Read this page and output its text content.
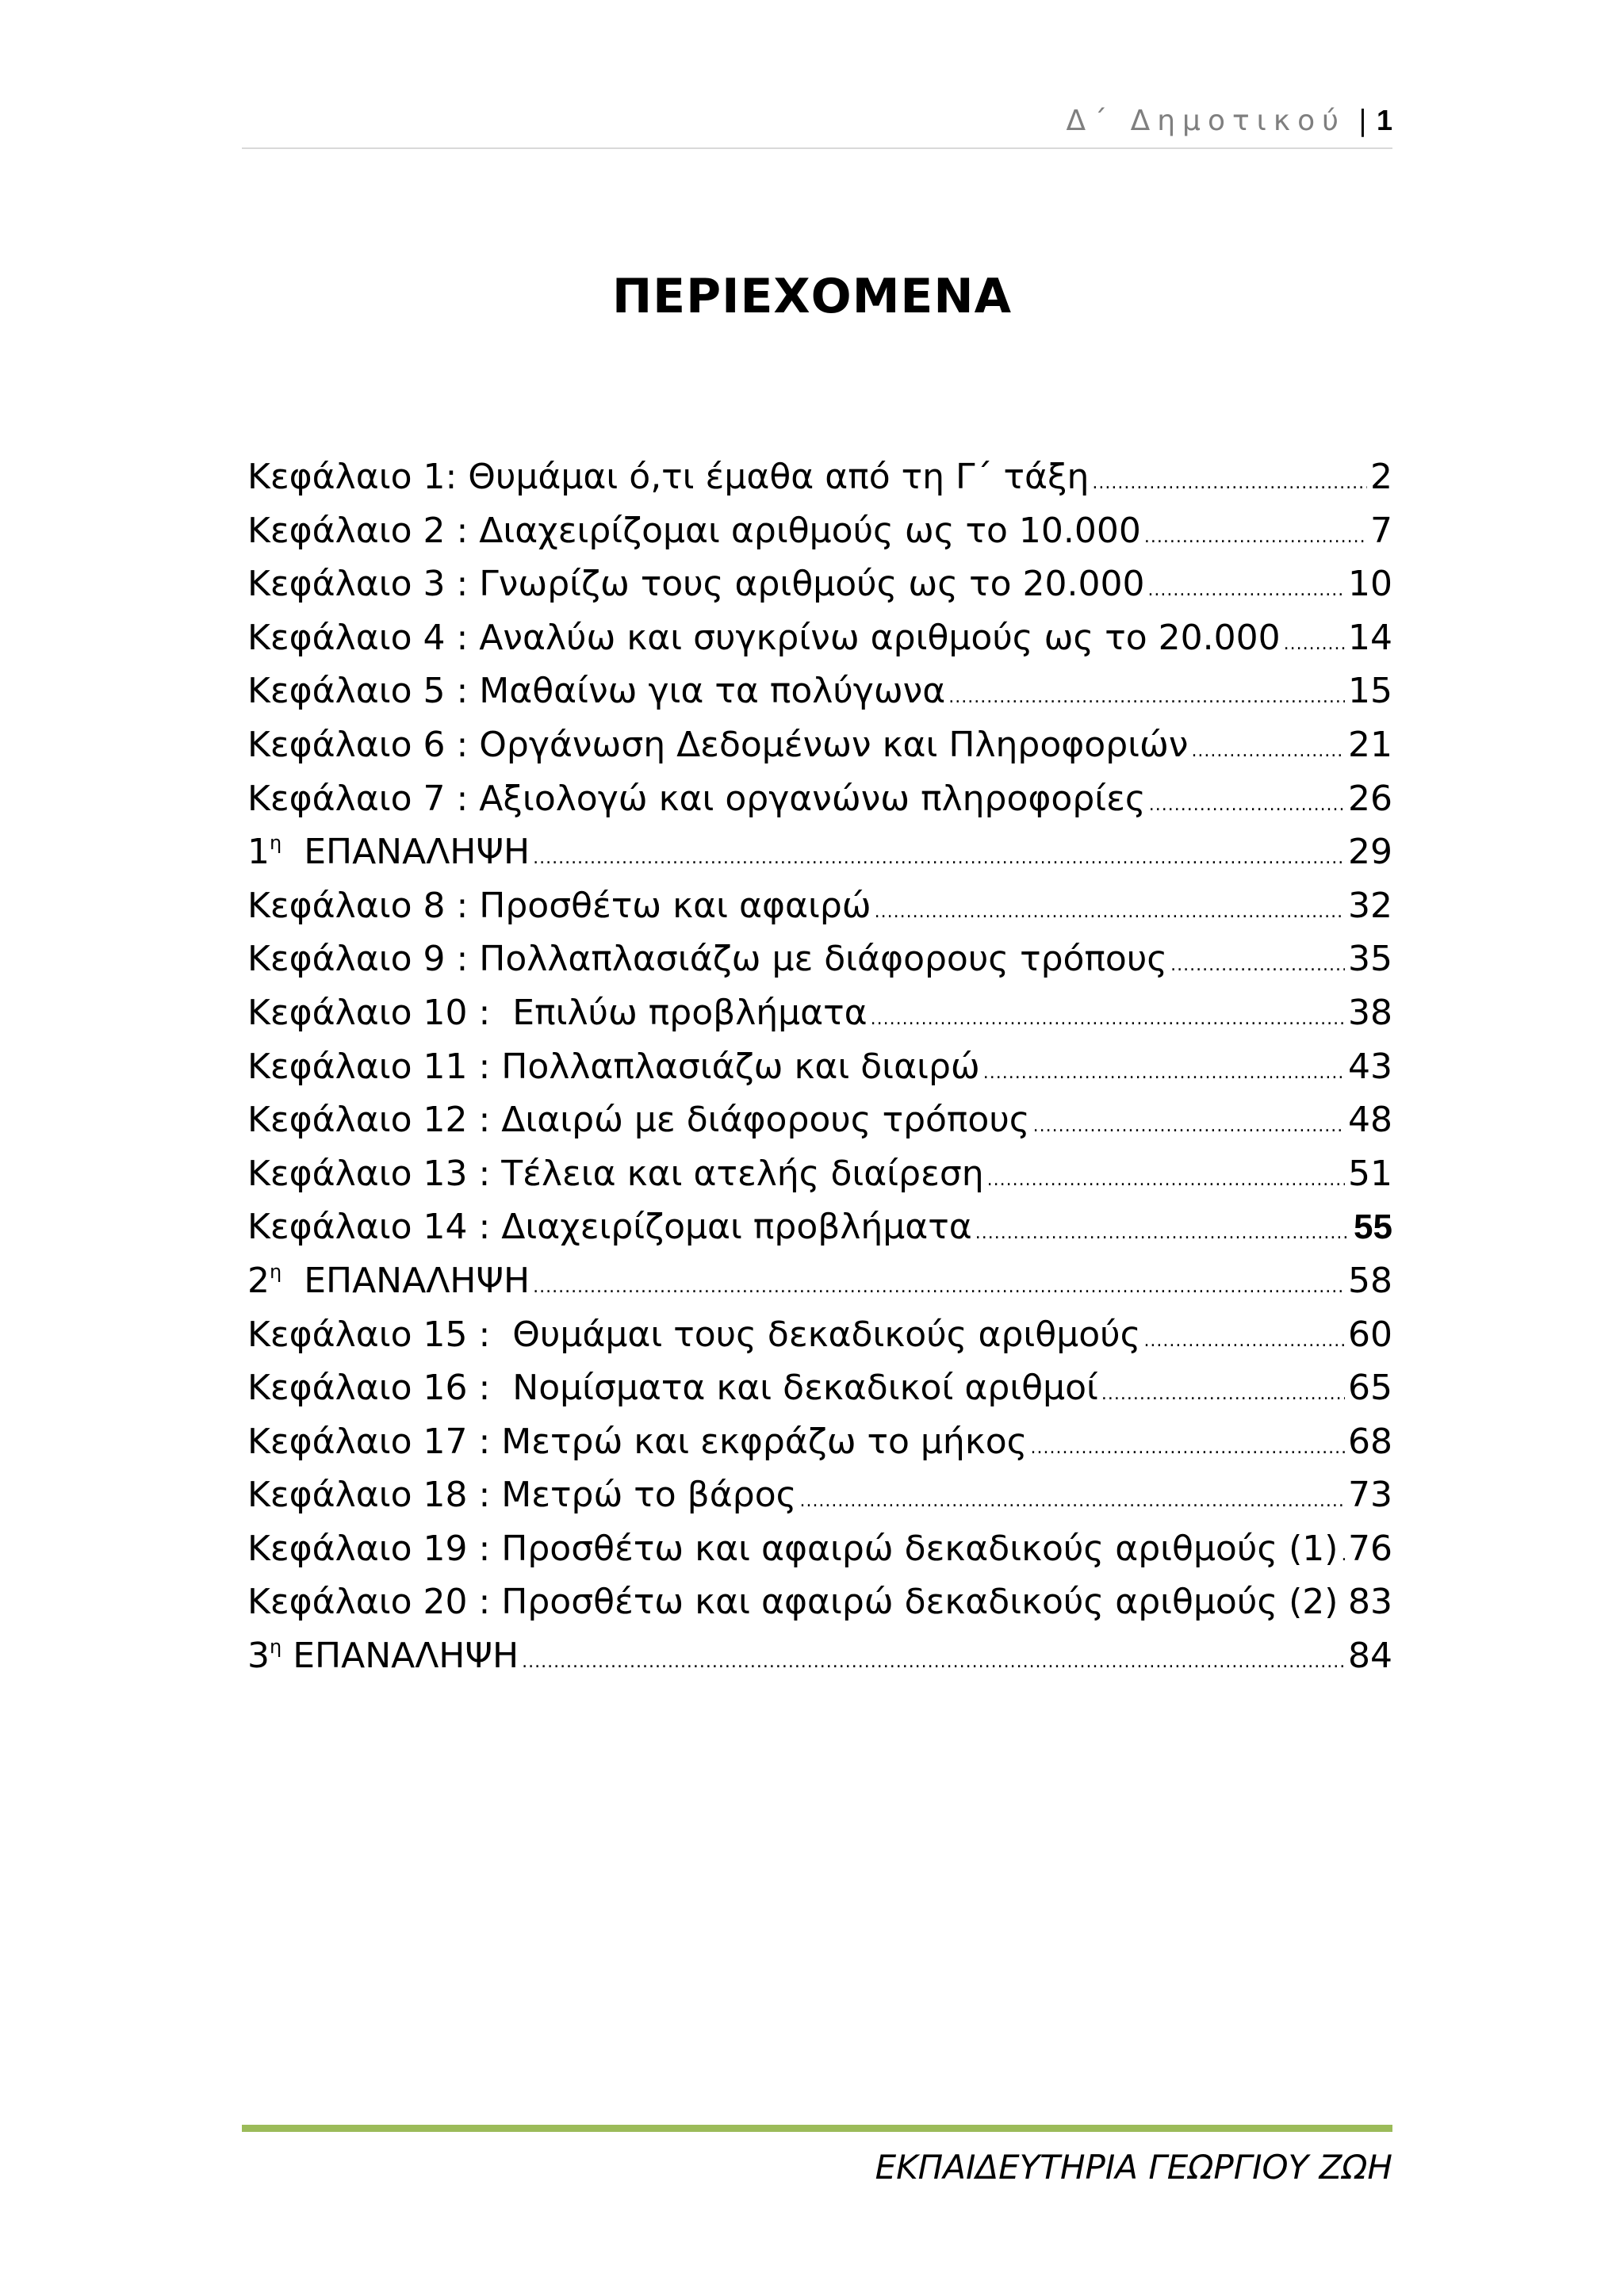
Δ΄ Δημοτικού | 1
ΠΕΡΙΕΧΟΜΕΝΑ
Κεφάλαιο 1: Θυμάμαι ό,τι έμαθα από τη Γ΄ τάξη .....	2
Κεφάλαιο 2 : Διαχειρίζομαι αριθμούς ως το 10.000 .....	7
Κεφάλαιο 3 : Γνωρίζω τους αριθμούς ως το 20.000 .....	10
Κεφάλαιο 4 : Αναλύω και συγκρίνω αριθμούς ως το 20.000 ..... 14
Κεφάλαιο 5 : Μαθαίνω για τα πολύγωνα .....	15
Κεφάλαιο 6 : Οργάνωση Δεδομένων και Πληροφοριών .....	21
Κεφάλαιο 7 : Αξιολογώ και οργανώνω πληροφορίες .....	26
$1^\eta$  ΕΠΑΝΑΛΗΨΗ .....	29
Κεφάλαιο 8 : Προσθέτω και αφαιρώ .....	32
Κεφάλαιο 9 : Πολλαπλασιάζω με διάφορους τρόπους .....	35
Κεφάλαιο 10 :  Επιλύω προβλήματα .....	38
Κεφάλαιο 11 : Πολλαπλασιάζω και διαιρώ .....	43
Κεφάλαιο 12 : Διαιρώ με διάφορους τρόπους .....	48
Κεφάλαιο 13 : Τέλεια και ατελής διαίρεση .....	51
Κεφάλαιο 14 : Διαχειρίζομαι προβλήματα .....	55
$2^\eta$  ΕΠΑΝΑΛΗΨΗ .....	58
Κεφάλαιο 15 :  Θυμάμαι τους δεκαδικούς αριθμούς .....	60
Κεφάλαιο 16 :  Νομίσματα και δεκαδικοί αριθμοί .....	65
Κεφάλαιο 17 : Μετρώ και εκφράζω το μήκος .....	68
Κεφάλαιο 18 : Μετρώ το βάρος .....	73
Κεφάλαιο 19 : Προσθέτω και αφαιρώ δεκαδικούς αριθμούς (1) ..... 76
Κεφάλαιο 20 : Προσθέτω και αφαιρώ δεκαδικούς αριθμούς (2) 83
$3^\eta$ ΕΠΑΝΑΛΗΨΗ .....	84
ΕΚΠΑΙΔΕΥΤΗΡΙΑ ΓΕΩΡΓΙΟΥ ΖΩΗ
